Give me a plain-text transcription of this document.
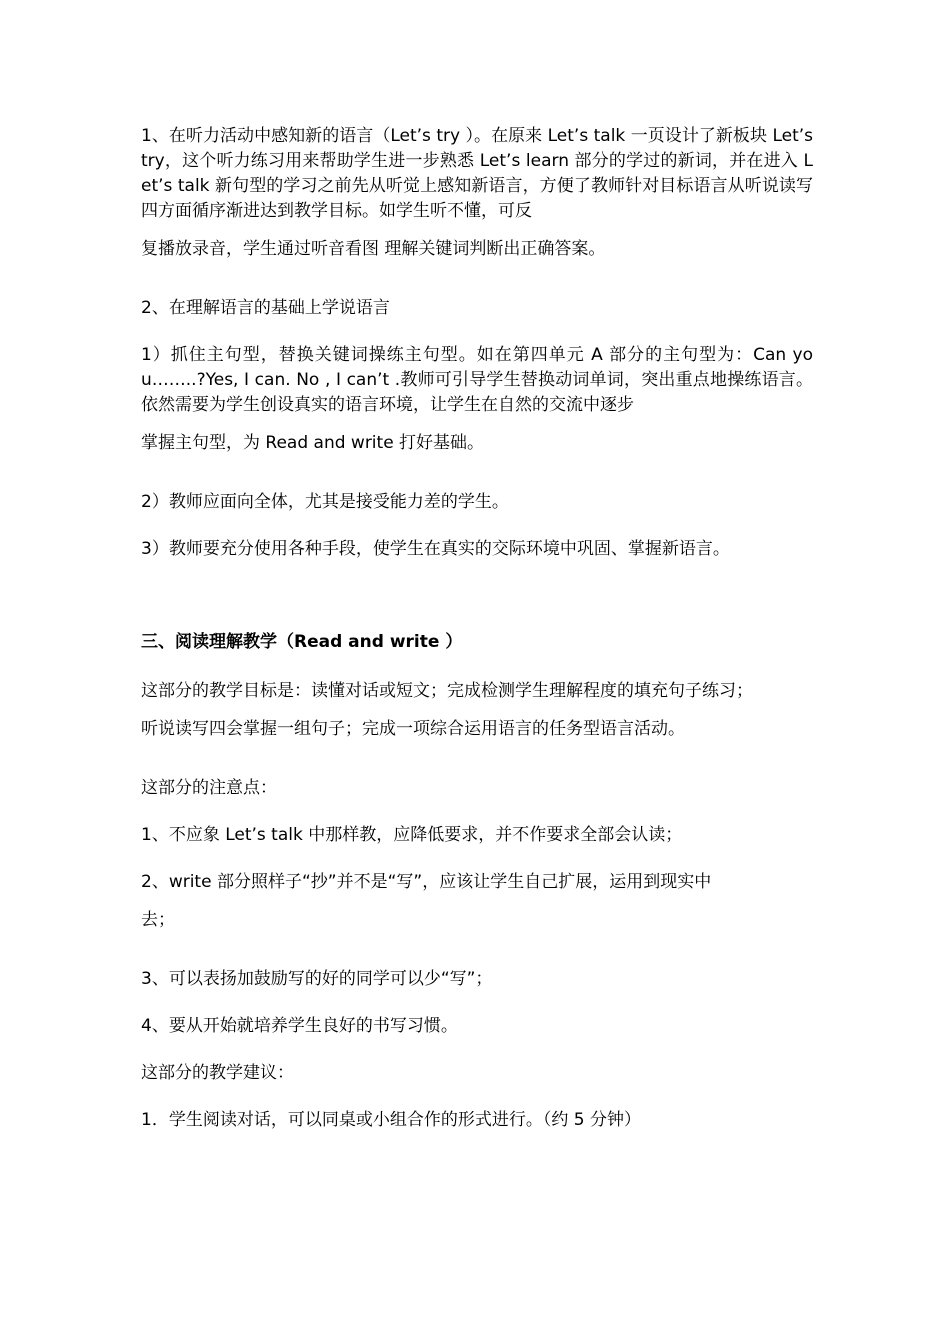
1、在听力活动中感知新的语言（Let’s try ）。在原来 Let’s talk 一页设计了新板块 Let’s try，这个听力练习用来帮助学生进一步熟悉 Let’s learn 部分的学过的新词，并在进入 Let’s talk 新句型的学习之前先从听觉上感知新语言，方便了教师针对目标语言从听说读写四方面循序渐进达到教学目标。如学生听不懂，可反

复播放录音，学生通过听音看图 理解关键词判断出正确答案。

2、在理解语言的基础上学说语言

1）抓住主句型，替换关键词操练主句型。如在第四单元 A 部分的主句型为：Can you……..?Yes, I can. No , I can’t .教师可引导学生替换动词单词，突出重点地操练语言。依然需要为学生创设真实的语言环境，让学生在自然的交流中逐步

掌握主句型，为 Read and write 打好基础。

2）教师应面向全体，尤其是接受能力差的学生。

3）教师要充分使用各种手段，使学生在真实的交际环境中巩固、掌握新语言。

三、阅读理解教学（Read and write ）

这部分的教学目标是：读懂对话或短文；完成检测学生理解程度的填充句子练习；

听说读写四会掌握一组句子；完成一项综合运用语言的任务型语言活动。

这部分的注意点：

1、不应象 Let’s talk 中那样教，应降低要求，并不作要求全部会认读；

2、write 部分照样子“抄”并不是“写”，应该让学生自己扩展，运用到现实中

去；

3、可以表扬加鼓励写的好的同学可以少“写”；

4、要从开始就培养学生良好的书写习惯。

这部分的教学建议：

1．学生阅读对话，可以同桌或小组合作的形式进行。（约 5 分钟）
